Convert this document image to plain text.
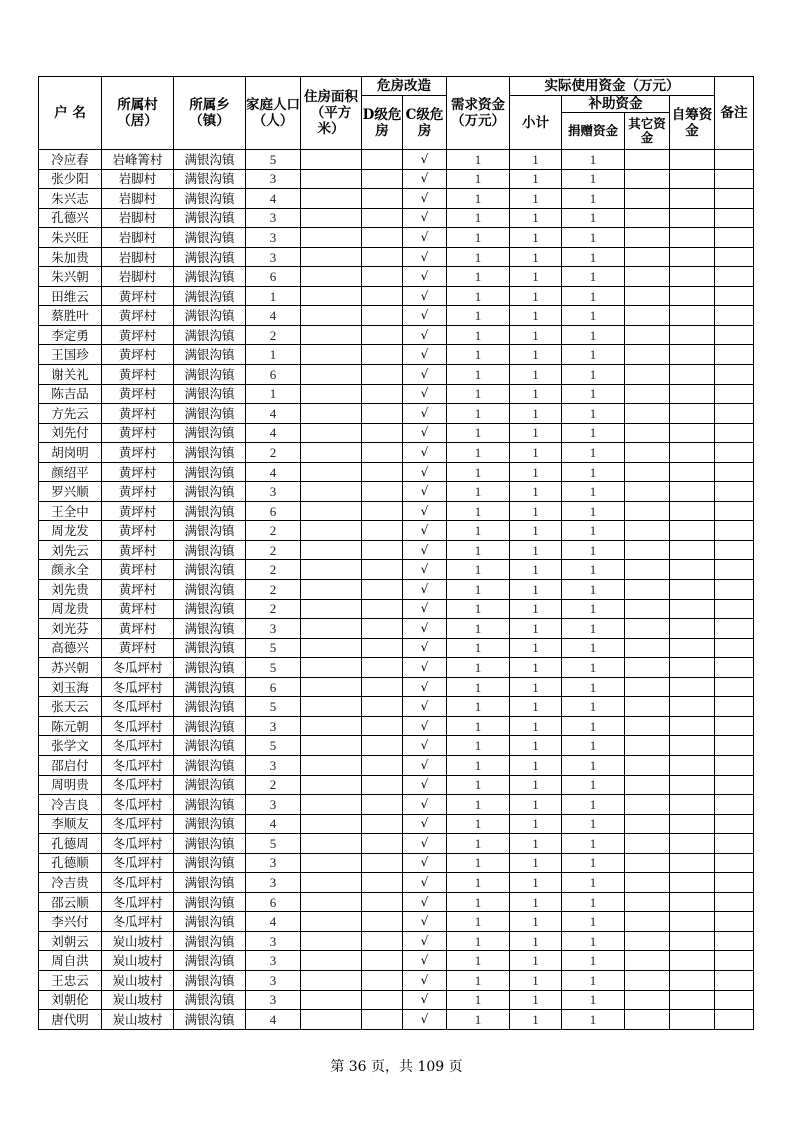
户 名	所属村（居）	所属乡（镇）	家庭人口（人）	住房面积（平方米）	危房改造		需求资金（万元）	实际使用资金（万元）				备注
					D级危房	C级危房		小计	补助资金		自筹资金	
									捐赠资金	其它资金		
冷应春	岩峰箐村	满银沟镇	5			√	1	1	1			
张少阳	岩脚村	满银沟镇	3			√	1	1	1			
朱兴志	岩脚村	满银沟镇	4			√	1	1	1			
孔德兴	岩脚村	满银沟镇	3			√	1	1	1			
朱兴旺	岩脚村	满银沟镇	3			√	1	1	1			
朱加贵	岩脚村	满银沟镇	3			√	1	1	1			
朱兴朝	岩脚村	满银沟镇	6			√	1	1	1			
田维云	黄坪村	满银沟镇	1			√	1	1	1			
蔡胜叶	黄坪村	满银沟镇	4			√	1	1	1			
李定勇	黄坪村	满银沟镇	2			√	1	1	1			
王国珍	黄坪村	满银沟镇	1			√	1	1	1			
谢关礼	黄坪村	满银沟镇	6			√	1	1	1			
陈吉品	黄坪村	满银沟镇	1			√	1	1	1			
方先云	黄坪村	满银沟镇	4			√	1	1	1			
刘先付	黄坪村	满银沟镇	4			√	1	1	1			
胡岗明	黄坪村	满银沟镇	2			√	1	1	1			
颜绍平	黄坪村	满银沟镇	4			√	1	1	1			
罗兴顺	黄坪村	满银沟镇	3			√	1	1	1			
王全中	黄坪村	满银沟镇	6			√	1	1	1			
周龙发	黄坪村	满银沟镇	2			√	1	1	1			
刘先云	黄坪村	满银沟镇	2			√	1	1	1			
颜永全	黄坪村	满银沟镇	2			√	1	1	1			
刘先贵	黄坪村	满银沟镇	2			√	1	1	1			
周龙贵	黄坪村	满银沟镇	2			√	1	1	1			
刘光芬	黄坪村	满银沟镇	3			√	1	1	1			
高德兴	黄坪村	满银沟镇	5			√	1	1	1			
苏兴朝	冬瓜坪村	满银沟镇	5			√	1	1	1			
刘玉海	冬瓜坪村	满银沟镇	6			√	1	1	1			
张天云	冬瓜坪村	满银沟镇	5			√	1	1	1			
陈元朝	冬瓜坪村	满银沟镇	3			√	1	1	1			
张学文	冬瓜坪村	满银沟镇	5			√	1	1	1			
邵启付	冬瓜坪村	满银沟镇	3			√	1	1	1			
周明贵	冬瓜坪村	满银沟镇	2			√	1	1	1			
冷吉良	冬瓜坪村	满银沟镇	3			√	1	1	1			
李顺友	冬瓜坪村	满银沟镇	4			√	1	1	1			
孔德周	冬瓜坪村	满银沟镇	5			√	1	1	1			
孔德顺	冬瓜坪村	满银沟镇	3			√	1	1	1			
冷吉贵	冬瓜坪村	满银沟镇	3			√	1	1	1			
邵云顺	冬瓜坪村	满银沟镇	6			√	1	1	1			
李兴付	冬瓜坪村	满银沟镇	4			√	1	1	1			
刘朝云	炭山坡村	满银沟镇	3			√	1	1	1			
周自洪	炭山坡村	满银沟镇	3			√	1	1	1			
王忠云	炭山坡村	满银沟镇	3			√	1	1	1			
刘朝伦	炭山坡村	满银沟镇	3			√	1	1	1			
唐代明	炭山坡村	满银沟镇	4			√	1	1	1			
第 36 页，共 109 页
